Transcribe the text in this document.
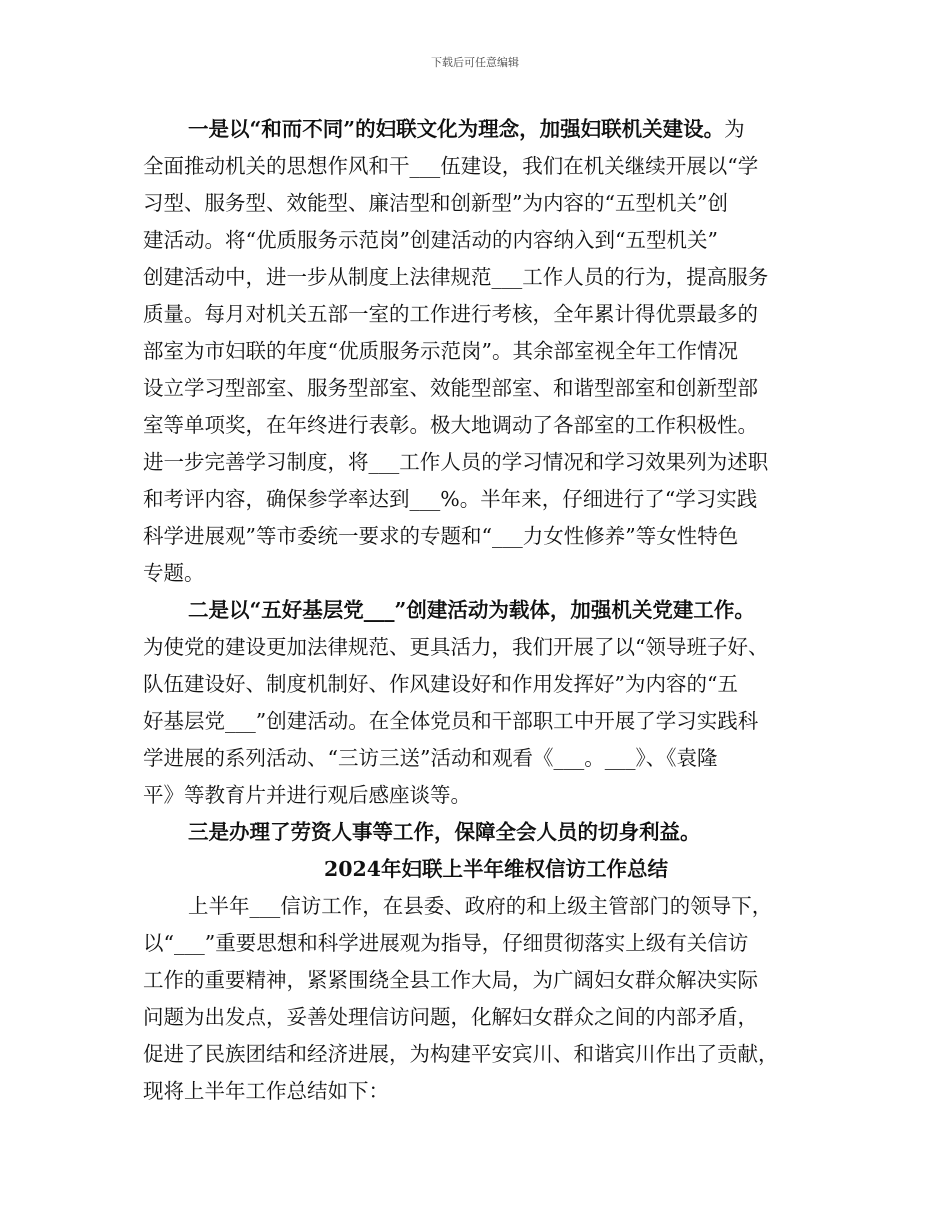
下载后可任意编辑
一是以“和而不同”的妇联文化为理念，加强妇联机关建设。为
全面推动机关的思想作风和干___伍建设，我们在机关继续开展以“学
习型、服务型、效能型、廉洁型和创新型”为内容的“五型机关”创
建活动。将“优质服务示范岗”创建活动的内容纳入到“五型机关”
创建活动中，进一步从制度上法律规范___工作人员的行为，提高服务
质量。每月对机关五部一室的工作进行考核，全年累计得优票最多的
部室为市妇联的年度“优质服务示范岗”。其余部室视全年工作情况
设立学习型部室、服务型部室、效能型部室、和谐型部室和创新型部
室等单项奖，在年终进行表彰。极大地调动了各部室的工作积极性。
进一步完善学习制度，将___工作人员的学习情况和学习效果列为述职
和考评内容，确保参学率达到___%。半年来，仔细进行了“学习实践
科学进展观”等市委统一要求的专题和“___力女性修养”等女性特色
专题。
二是以“五好基层党___”创建活动为载体，加强机关党建工作。
为使党的建设更加法律规范、更具活力，我们开展了以“领导班子好、
队伍建设好、制度机制好、作风建设好和作用发挥好”为内容的“五
好基层党___”创建活动。在全体党员和干部职工中开展了学习实践科
学进展的系列活动、“三访三送”活动和观看《___。___》、《袁隆
平》等教育片并进行观后感座谈等。
三是办理了劳资人事等工作，保障全会人员的切身利益。
2024年妇联上半年维权信访工作总结
上半年___信访工作，在县委、政府的和上级主管部门的领导下，
以“___”重要思想和科学进展观为指导，仔细贯彻落实上级有关信访
工作的重要精神，紧紧围绕全县工作大局，为广阔妇女群众解决实际
问题为出发点，妥善处理信访问题，化解妇女群众之间的内部矛盾，
促进了民族团结和经济进展，为构建平安宾川、和谐宾川作出了贡献，
现将上半年工作总结如下：
